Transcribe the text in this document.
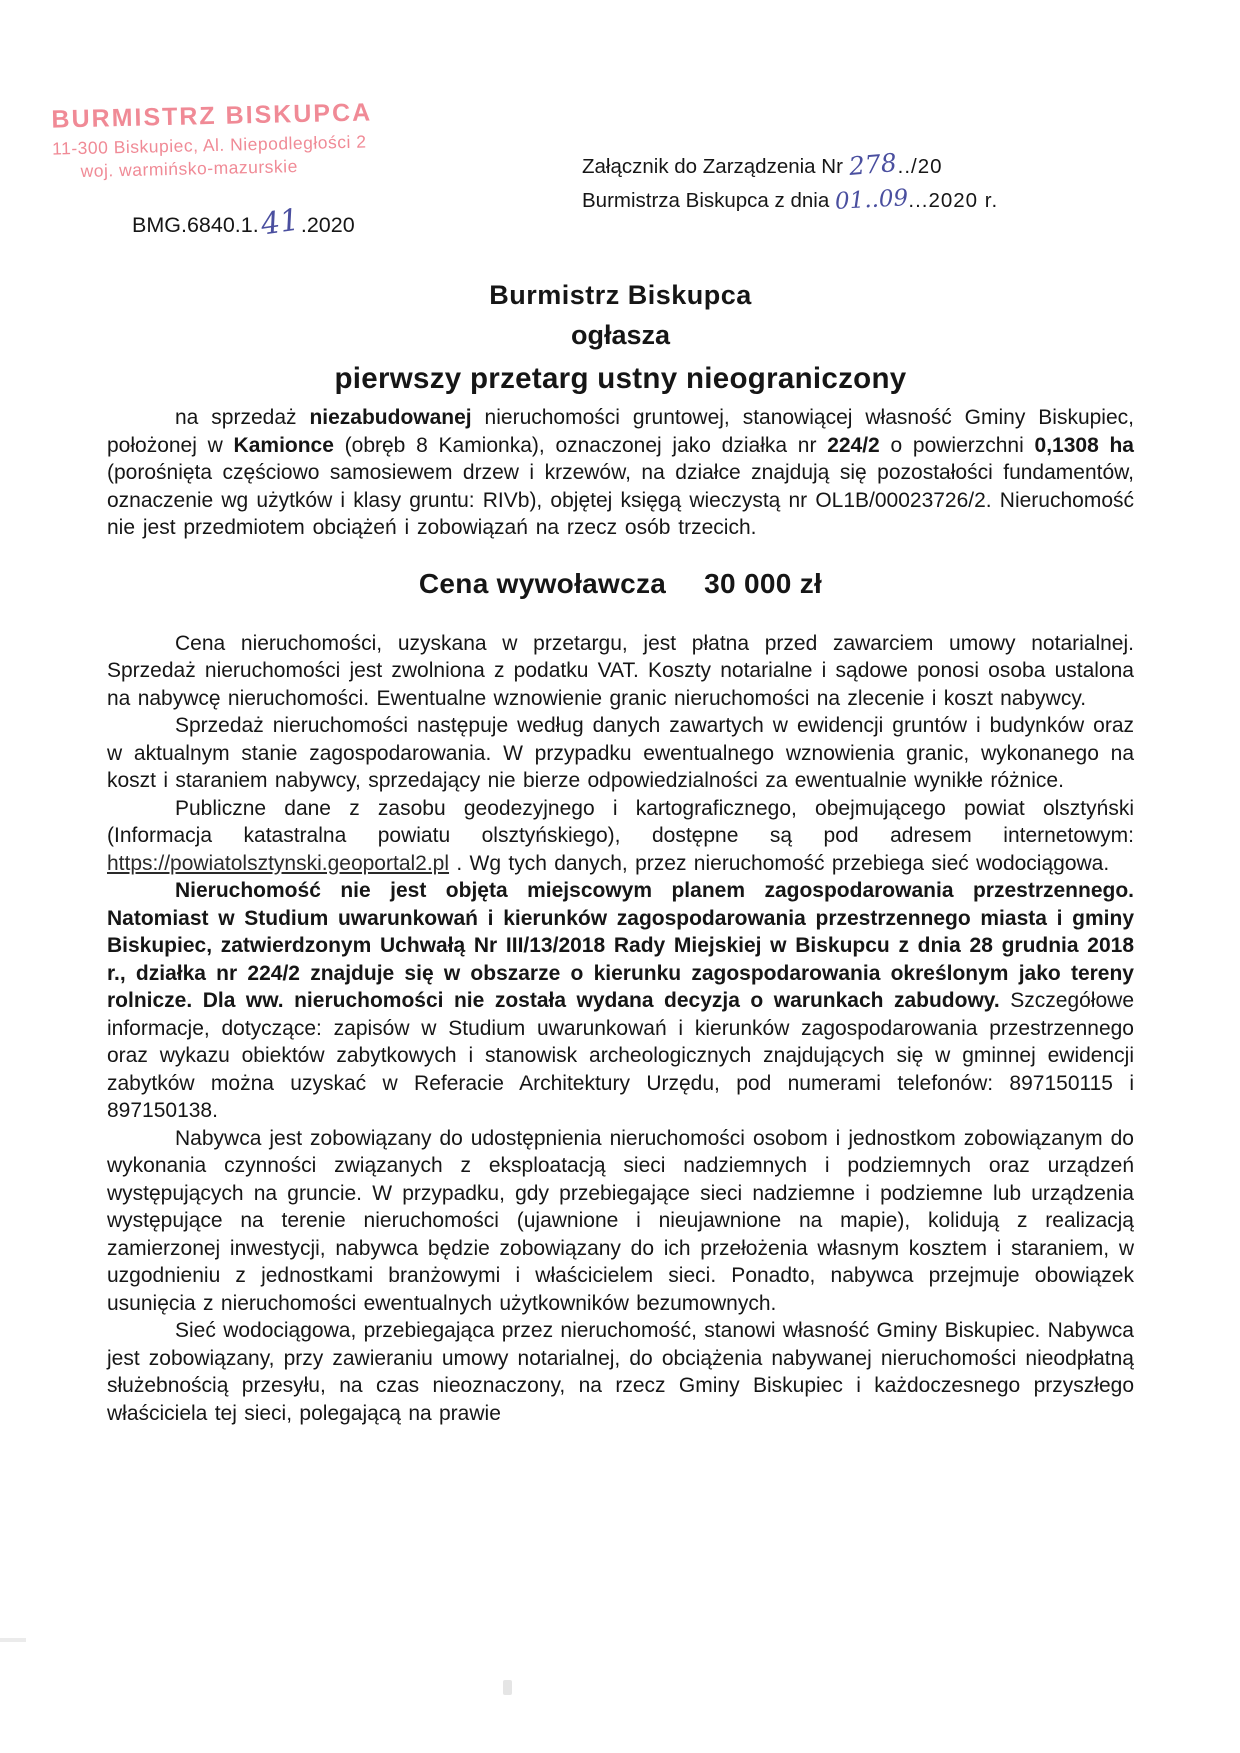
BURMISTRZ BISKUPCA
11-300 Biskupiec, Al. Niepodległości 2
woj. warmińsko-mazurskie	Załącznik do Zarządzenia Nr 278../20
Burmistrza Biskupca z dnia 01..09...2020 r.
BMG.6840.1.41.2020

Burmistrz Biskupca

ogłasza

pierwszy przetarg ustny nieograniczony

na sprzedaż niezabudowanej nieruchomości gruntowej, stanowiącej własność Gminy Biskupiec, położonej w Kamionce (obręb 8 Kamionka), oznaczonej jako działka nr 224/2 o powierzchni 0,1308 ha (porośnięta częściowo samosiewem drzew i krzewów, na działce znajdują się pozostałości fundamentów, oznaczenie wg użytków i klasy gruntu: RIVb), objętej księgą wieczystą nr OL1B/00023726/2. Nieruchomość nie jest przedmiotem obciążeń i zobowiązań na rzecz osób trzecich.

Cena wywoławcza 30 000 zł

Cena nieruchomości, uzyskana w przetargu, jest płatna przed zawarciem umowy notarialnej. Sprzedaż nieruchomości jest zwolniona z podatku VAT. Koszty notarialne i sądowe ponosi osoba ustalona na nabywcę nieruchomości. Ewentualne wznowienie granic nieruchomości na zlecenie i koszt nabywcy.

Sprzedaż nieruchomości następuje według danych zawartych w ewidencji gruntów i budynków oraz w aktualnym stanie zagospodarowania. W przypadku ewentualnego wznowienia granic, wykonanego na koszt i staraniem nabywcy, sprzedający nie bierze odpowiedzialności za ewentualnie wynikłe różnice.

Publiczne dane z zasobu geodezyjnego i kartograficznego, obejmującego powiat olsztyński (Informacja katastralna powiatu olsztyńskiego), dostępne są pod adresem internetowym: https://powiatolsztynski.geoportal2.pl . Wg tych danych, przez nieruchomość przebiega sieć wodociągowa.

Nieruchomość nie jest objęta miejscowym planem zagospodarowania przestrzennego. Natomiast w Studium uwarunkowań i kierunków zagospodarowania przestrzennego miasta i gminy Biskupiec, zatwierdzonym Uchwałą Nr III/13/2018 Rady Miejskiej w Biskupcu z dnia 28 grudnia 2018 r., działka nr 224/2 znajduje się w obszarze o kierunku zagospodarowania określonym jako tereny rolnicze. Dla ww. nieruchomości nie została wydana decyzja o warunkach zabudowy. Szczegółowe informacje, dotyczące: zapisów w Studium uwarunkowań i kierunków zagospodarowania przestrzennego oraz wykazu obiektów zabytkowych i stanowisk archeologicznych znajdujących się w gminnej ewidencji zabytków można uzyskać w Referacie Architektury Urzędu, pod numerami telefonów: 897150115 i 897150138.

Nabywca jest zobowiązany do udostępnienia nieruchomości osobom i jednostkom zobowiązanym do wykonania czynności związanych z eksploatacją sieci nadziemnych i podziemnych oraz urządzeń występujących na gruncie. W przypadku, gdy przebiegające sieci nadziemne i podziemne lub urządzenia występujące na terenie nieruchomości (ujawnione i nieujawnione na mapie), kolidują z realizacją zamierzonej inwestycji, nabywca będzie zobowiązany do ich przełożenia własnym kosztem i staraniem, w uzgodnieniu z jednostkami branżowymi i właścicielem sieci. Ponadto, nabywca przejmuje obowiązek usunięcia z nieruchomości ewentualnych użytkowników bezumownych.

Sieć wodociągowa, przebiegająca przez nieruchomość, stanowi własność Gminy Biskupiec. Nabywca jest zobowiązany, przy zawieraniu umowy notarialnej, do obciążenia nabywanej nieruchomości nieodpłatną służebnością przesyłu, na czas nieoznaczony, na rzecz Gminy Biskupiec i każdoczesnego przyszłego właściciela tej sieci, polegającą na prawie
